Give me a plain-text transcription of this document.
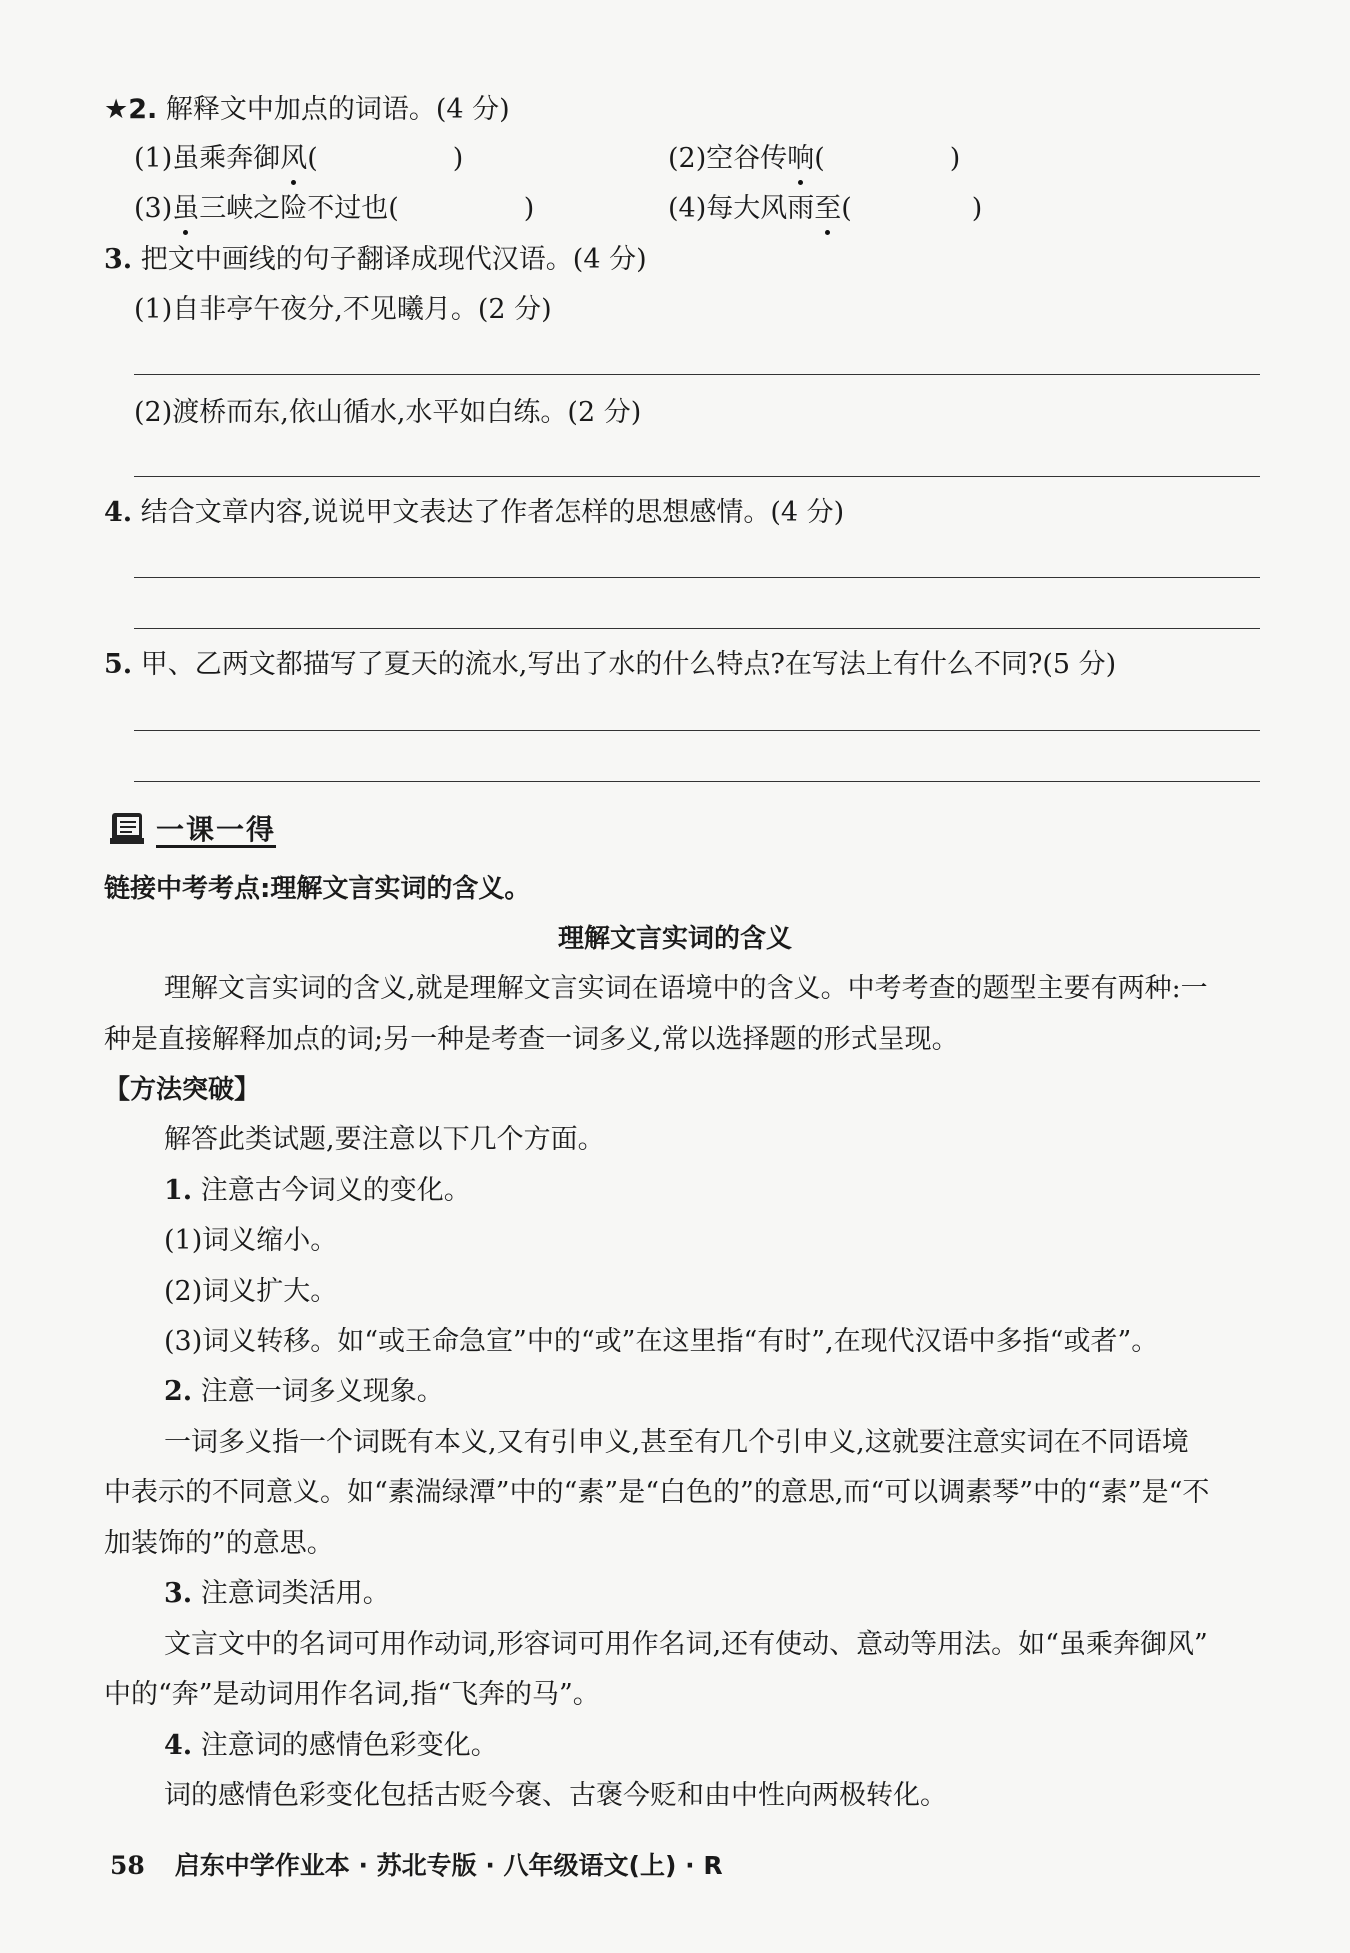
★2. 解释文中加点的词语。(4 分)
(1)虽乘奔御风(	)	(2)空谷传响(	)
(3)虽三峡之险不过也(	)	(4)每大风雨至(	)
3. 把文中画线的句子翻译成现代汉语。(4 分)
(1)自非亭午夜分,不见曦月。(2 分)
(2)渡桥而东,依山循水,水平如白练。(2 分)
4. 结合文章内容,说说甲文表达了作者怎样的思想感情。(4 分)
5. 甲、乙两文都描写了夏天的流水,写出了水的什么特点?在写法上有什么不同?(5 分)
一课一得
链接中考考点:理解文言实词的含义。
理解文言实词的含义
理解文言实词的含义,就是理解文言实词在语境中的含义。中考考查的题型主要有两种:一
种是直接解释加点的词;另一种是考查一词多义,常以选择题的形式呈现。
【方法突破】
解答此类试题,要注意以下几个方面。
1. 注意古今词义的变化。
(1)词义缩小。
(2)词义扩大。
(3)词义转移。如“或王命急宣”中的“或”在这里指“有时”,在现代汉语中多指“或者”。
2. 注意一词多义现象。
一词多义指一个词既有本义,又有引申义,甚至有几个引申义,这就要注意实词在不同语境
中表示的不同意义。如“素湍绿潭”中的“素”是“白色的”的意思,而“可以调素琴”中的“素”是“不
加装饰的”的意思。
3. 注意词类活用。
文言文中的名词可用作动词,形容词可用作名词,还有使动、意动等用法。如“虽乘奔御风”
中的“奔”是动词用作名词,指“飞奔的马”。
4. 注意词的感情色彩变化。
词的感情色彩变化包括古贬今褒、古褒今贬和由中性向两极转化。
58 启东中学作业本 · 苏北专版 · 八年级语文(上) · R
